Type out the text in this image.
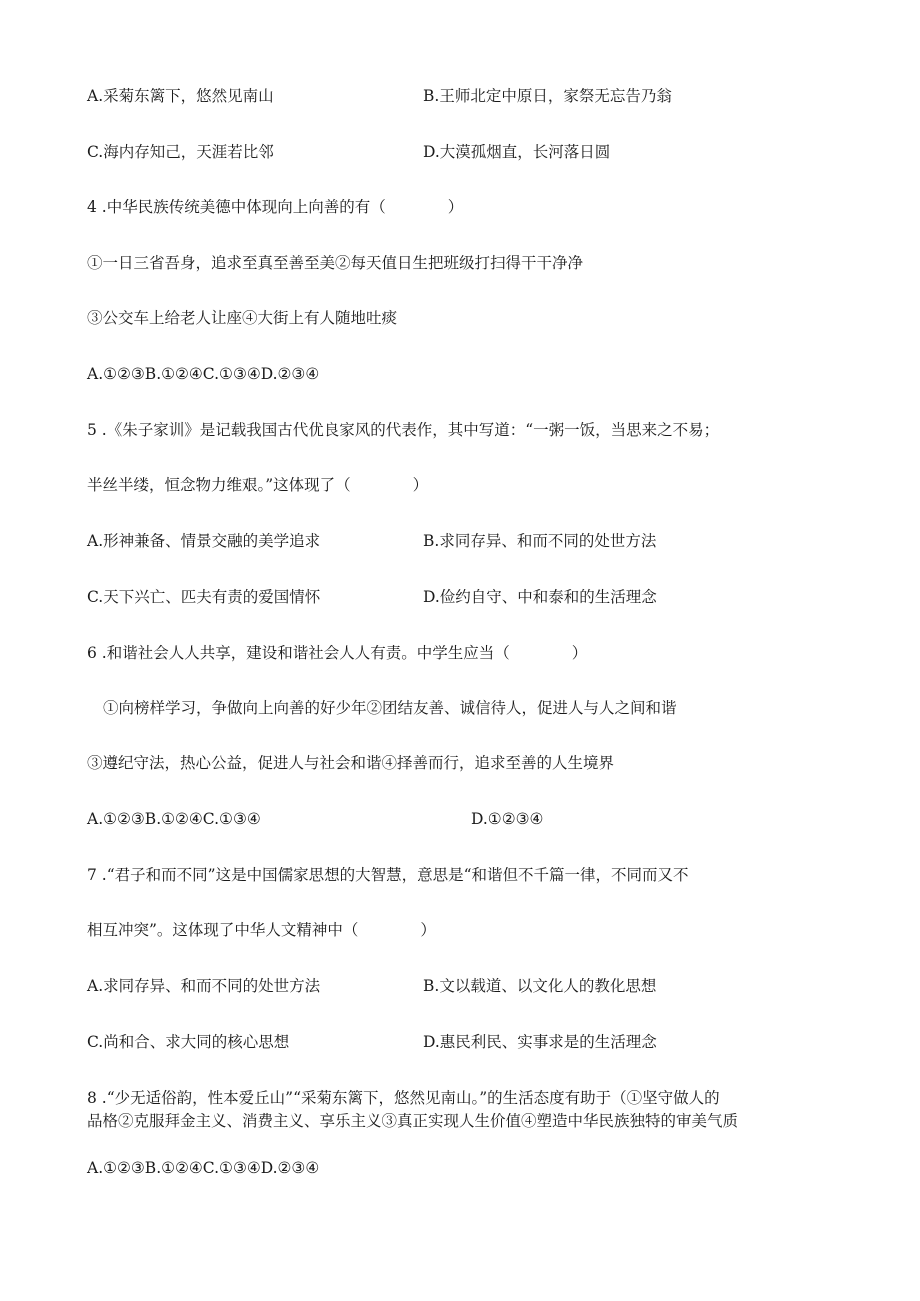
A.采菊东篱下，悠然见南山	B.王师北定中原日，家祭无忘告乃翁
C.海内存知己，天涯若比邻	D.大漠孤烟直，长河落日圆
4 .中华民族传统美德中体现向上向善的有（　　　　）
①一日三省吾身，追求至真至善至美②每天值日生把班级打扫得干干净净
③公交车上给老人让座④大街上有人随地吐痰
A.①②③B.①②④C.①③④D.②③④
5 .《朱子家训》是记载我国古代优良家风的代表作，其中写道：“一粥一饭，当思来之不易；
半丝半缕，恒念物力维艰。”这体现了（　　　　）
A.形神兼备、情景交融的美学追求	B.求同存异、和而不同的处世方法
C.天下兴亡、匹夫有责的爱国情怀	D.俭约自守、中和泰和的生活理念
6 .和谐社会人人共享，建设和谐社会人人有责。中学生应当（　　　　）
①向榜样学习，争做向上向善的好少年②团结友善、诚信待人，促进人与人之间和谐
③遵纪守法，热心公益，促进人与社会和谐④择善而行，追求至善的人生境界
A.①②③B.①②④C.①③④	D.①②③④
7 .“君子和而不同”这是中国儒家思想的大智慧，意思是“和谐但不千篇一律，不同而又不
相互冲突”。这体现了中华人文精神中（　　　　）
A.求同存异、和而不同的处世方法	B.文以载道、以文化人的教化思想
C.尚和合、求大同的核心思想	D.惠民利民、实事求是的生活理念
8 .“少无适俗韵，性本爱丘山”“采菊东篱下，悠然见南山。”的生活态度有助于（①坚守做人的
品格②克服拜金主义、消费主义、享乐主义③真正实现人生价值④塑造中华民族独特的审美气质
A.①②③B.①②④C.①③④D.②③④
